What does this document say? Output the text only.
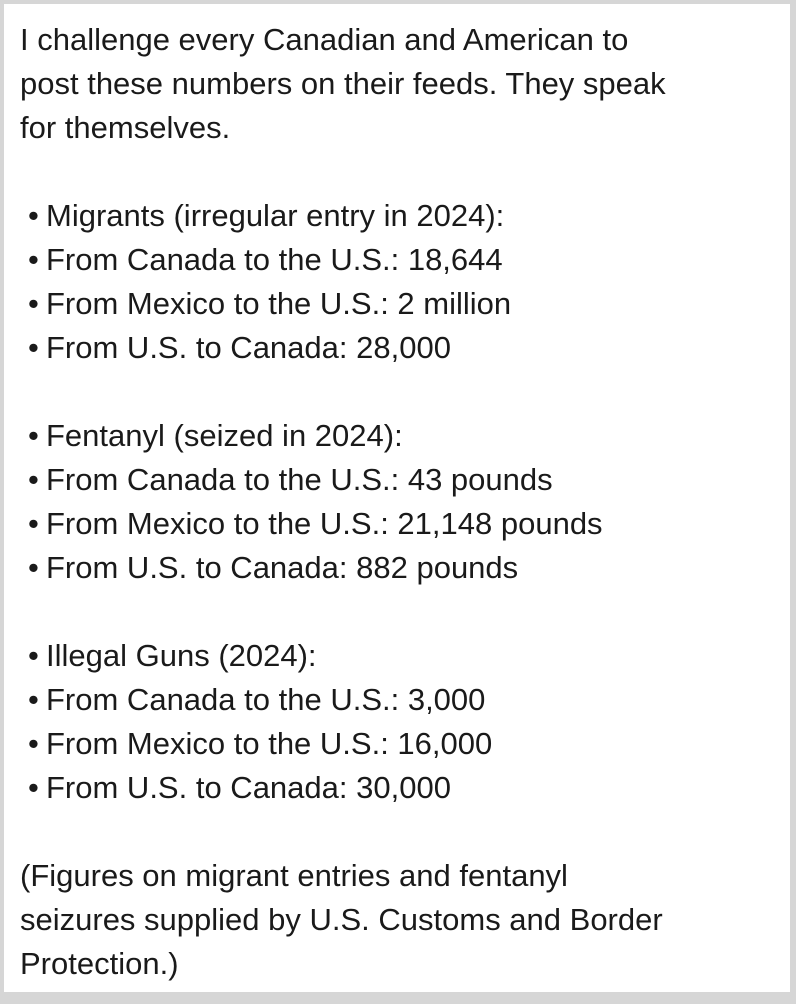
I challenge every Canadian and American to
post these numbers on their feeds. They speak
for themselves.
• Migrants (irregular entry in 2024):
• From Canada to the U.S.: 18,644
• From Mexico to the U.S.: 2 million
• From U.S. to Canada: 28,000
• Fentanyl (seized in 2024):
• From Canada to the U.S.: 43 pounds
• From Mexico to the U.S.: 21,148 pounds
• From U.S. to Canada: 882 pounds
• Illegal Guns (2024):
• From Canada to the U.S.: 3,000
• From Mexico to the U.S.: 16,000
• From U.S. to Canada: 30,000
(Figures on migrant entries and fentanyl
seizures supplied by U.S. Customs and Border
Protection.)
